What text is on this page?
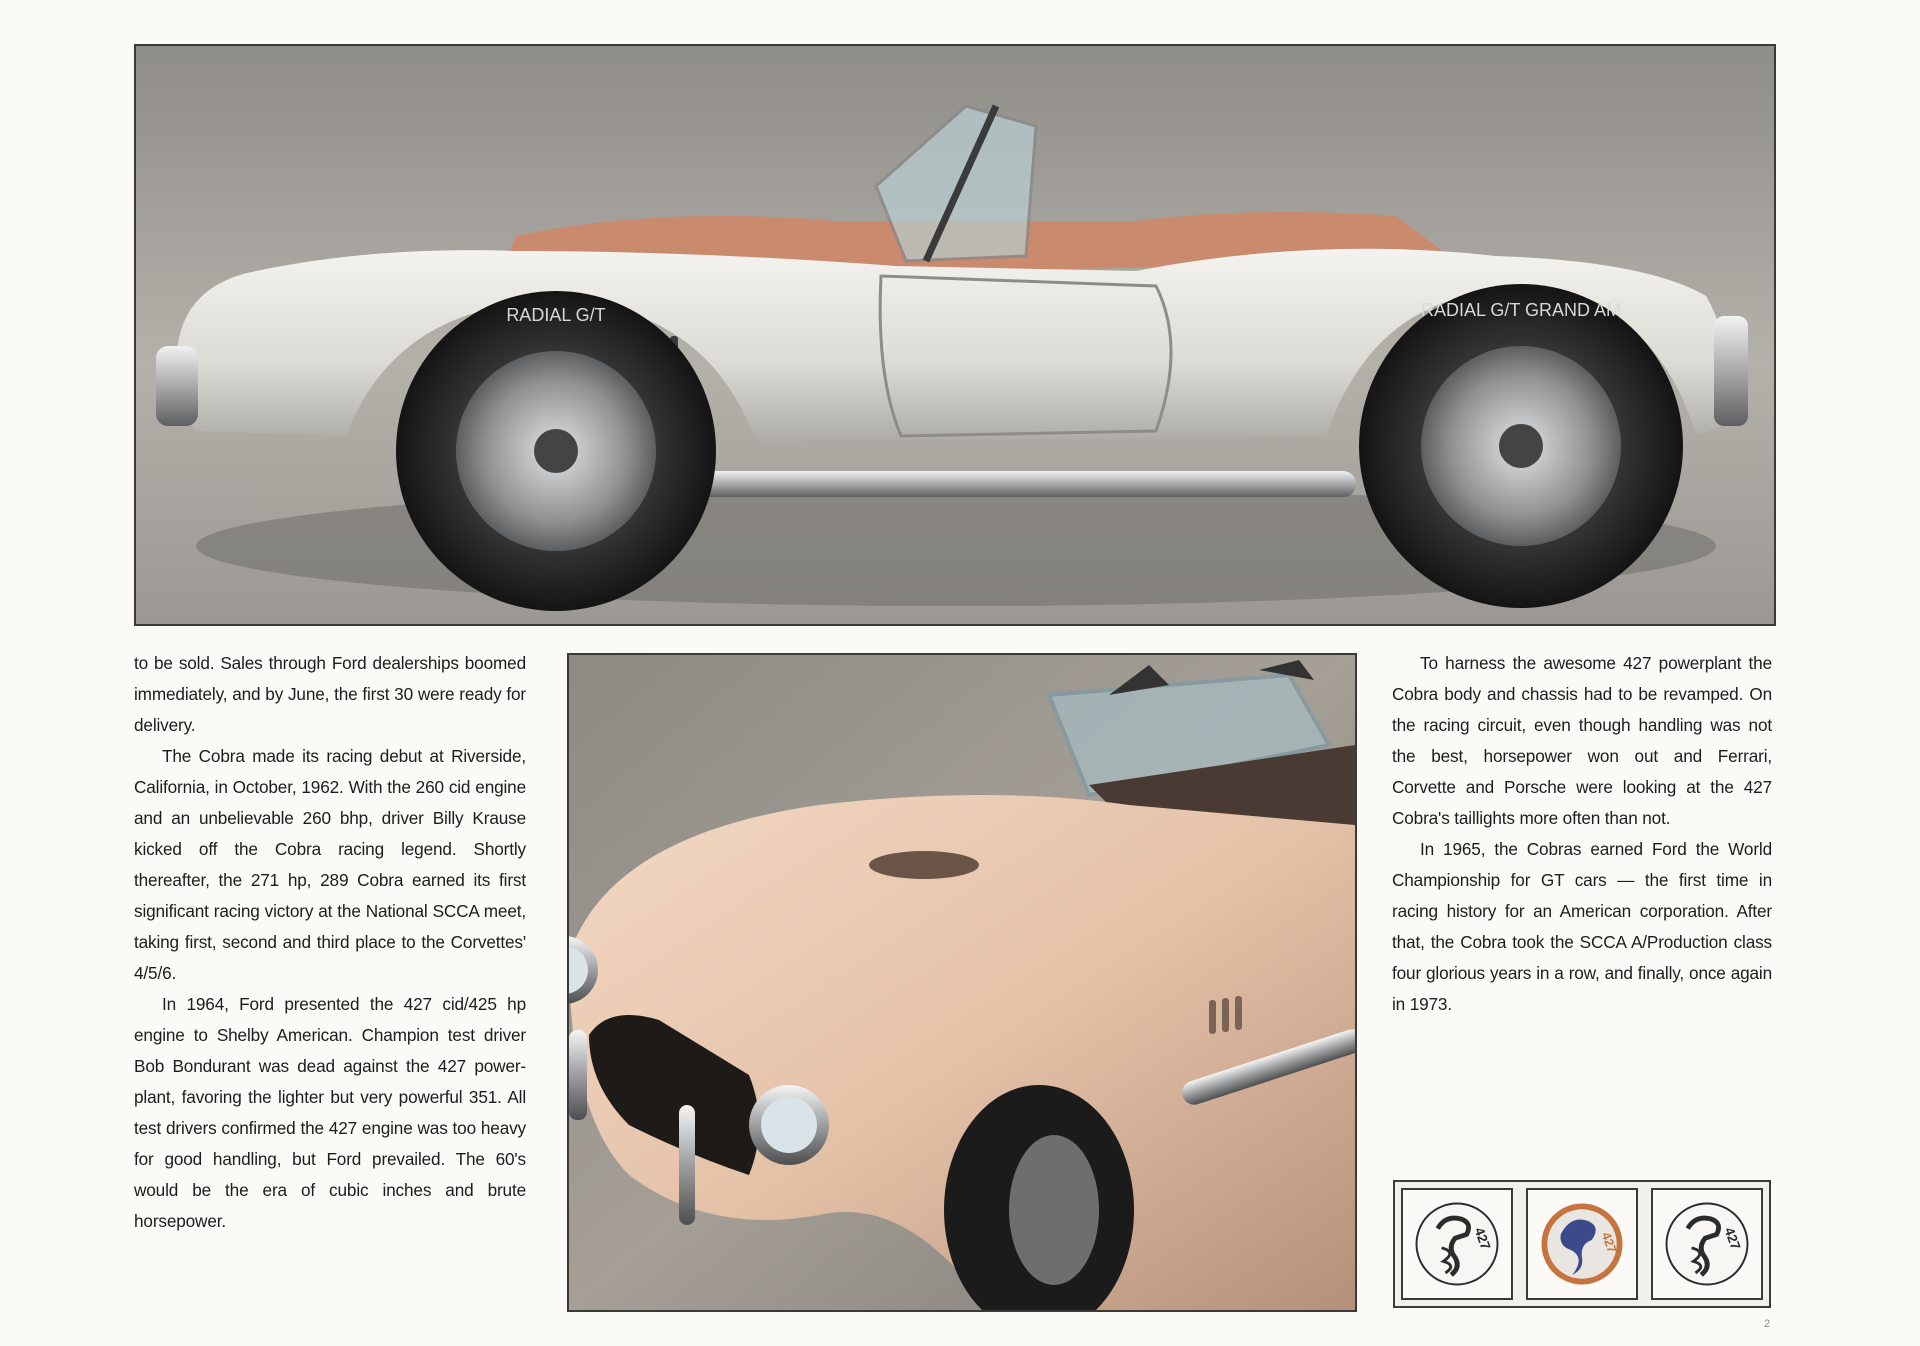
RADIAL G/T	RADIAL G/T GRAND AM

to be sold. Sales through Ford dealerships boomed immediately, and by June, the first 30 were ready for delivery.

The Cobra made its racing debut at Riverside, California, in October, 1962. With the 260 cid engine and an unbelievable 260 bhp, driver Billy Krause kicked off the Cobra racing legend. Shortly thereafter, the 271 hp, 289 Cobra earned its first significant racing victory at the National SCCA meet, taking first, second and third place to the Corvettes' 4/5/6.

In 1964, Ford presented the 427 cid/425 hp engine to Shelby American. Champion test driver Bob Bondurant was dead against the 427 power-plant, favoring the lighter but very powerful 351. All test drivers confirmed the 427 engine was too heavy for good handling, but Ford prevailed. The 60's would be the era of cubic inches and brute horsepower.

To harness the awesome 427 powerplant the Cobra body and chassis had to be revamped. On the racing circuit, even though handling was not the best, horsepower won out and Ferrari, Corvette and Porsche were looking at the 427 Cobra's taillights more often than not.

In 1965, the Cobras earned Ford the World Championship for GT cars — the first time in racing history for an American corporation. After that, the Cobra took the SCCA A/Production class four glorious years in a row, and finally, once again in 1973.

427	427	427
2
